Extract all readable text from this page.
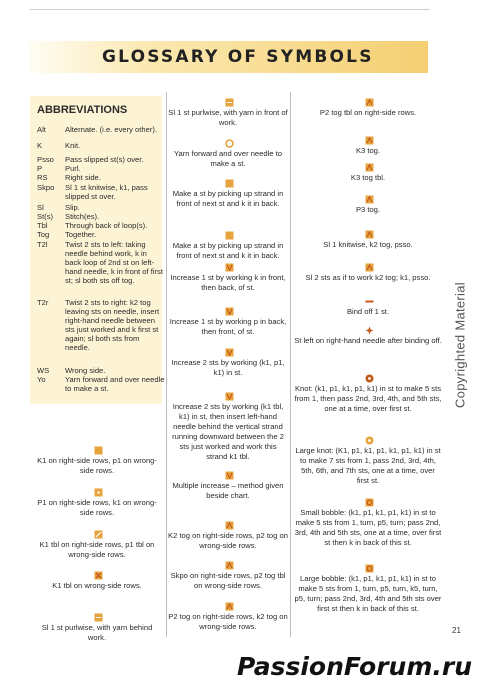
GLOSSARY OF SYMBOLS
ABBREVIATIONS
Alt	Alternate. (i.e. every other).
K	Knit.
Psso	Pass slipped st(s) over.
P	Purl.
RS	Right side.
Skpo	Sl 1 st knitwise, k1, pass slipped st over.
Sl	Slip.
St(s)	Stitch(es).
Tbl	Through back of loop(s).
Tog	Together.
T2l	Twist 2 sts to left: taking needle behind work, k in back loop of 2nd st on left-hand needle, k in front of first st; sl both sts off tog.
T2r	Twist 2 sts to right: k2 tog leaving sts on needle, insert right-hand needle between sts just worked and k first st again; sl both sts from needle.
WS	Wrong side.
Yo	Yarn forward and over needle to make a st.
K1 on right-side rows, p1 on wrong-side rows.
P1 on right-side rows, k1 on wrong-side rows.
K1 tbl on right-side rows, p1 tbl on wrong-side rows.
K1 tbl on wrong-side rows.
Sl 1 st purlwise, with yarn behind work.
Sl 1 st purlwise, with yarn in front of work.
Yarn forward and over needle to make a st.
Make a st by picking up strand in front of next st and k it in back.
Make a st by picking up strand in front of next st and k it in back.
Increase 1 st by working k in front, then back, of st.
Increase 1 st by working p in back, then front, of st.
Increase 2 sts by working (k1, p1, k1) in st.
Increase 2 sts by working (k1 tbl, k1) in st, then insert left-hand needle behind the vertical strand running downward between the 2 sts just worked and work this strand k1 tbl.
Multiple increase – method given beside chart.
K2 tog on right-side rows, p2 tog on wrong-side rows.
Skpo on right-side rows, p2 tog tbl on wrong-side rows.
P2 tog on right-side rows, k2 tog on wrong-side rows.
P2 tog tbl on right-side rows.
K3 tog.
K3 tog tbl.
P3 tog.
Sl 1 knitwise, k2 tog, psso.
Sl 2 sts as if to work k2 tog; k1, psso.
Bind off 1 st.
St left on right-hand needle after binding off.
Knot: (k1, p1, k1, p1, k1) in st to make 5 sts from 1, then pass 2nd, 3rd, 4th, and 5th sts, one at a time, over first st.
Large knot: (K1, p1, k1, p1, k1, p1, k1) in st to make 7 sts from 1, pass 2nd, 3rd, 4th, 5th, 6th, and 7th sts, one at a time, over first st.
Small bobble: (k1, p1, k1, p1, k1) in st to make 5 sts from 1, turn, p5, turn; pass 2nd, 3rd, 4th and 5th sts, one at a time, over first st then k in back of this st.
Large bobble: (k1, p1, k1, p1, k1) in st to make 5 sts from 1, turn, p5, turn, k5, turn, p5, turn; pass 2nd, 3rd, 4th and 5th sts over first st then k in back of this st.
Copyrighted Material
21
PassionForum.ru
